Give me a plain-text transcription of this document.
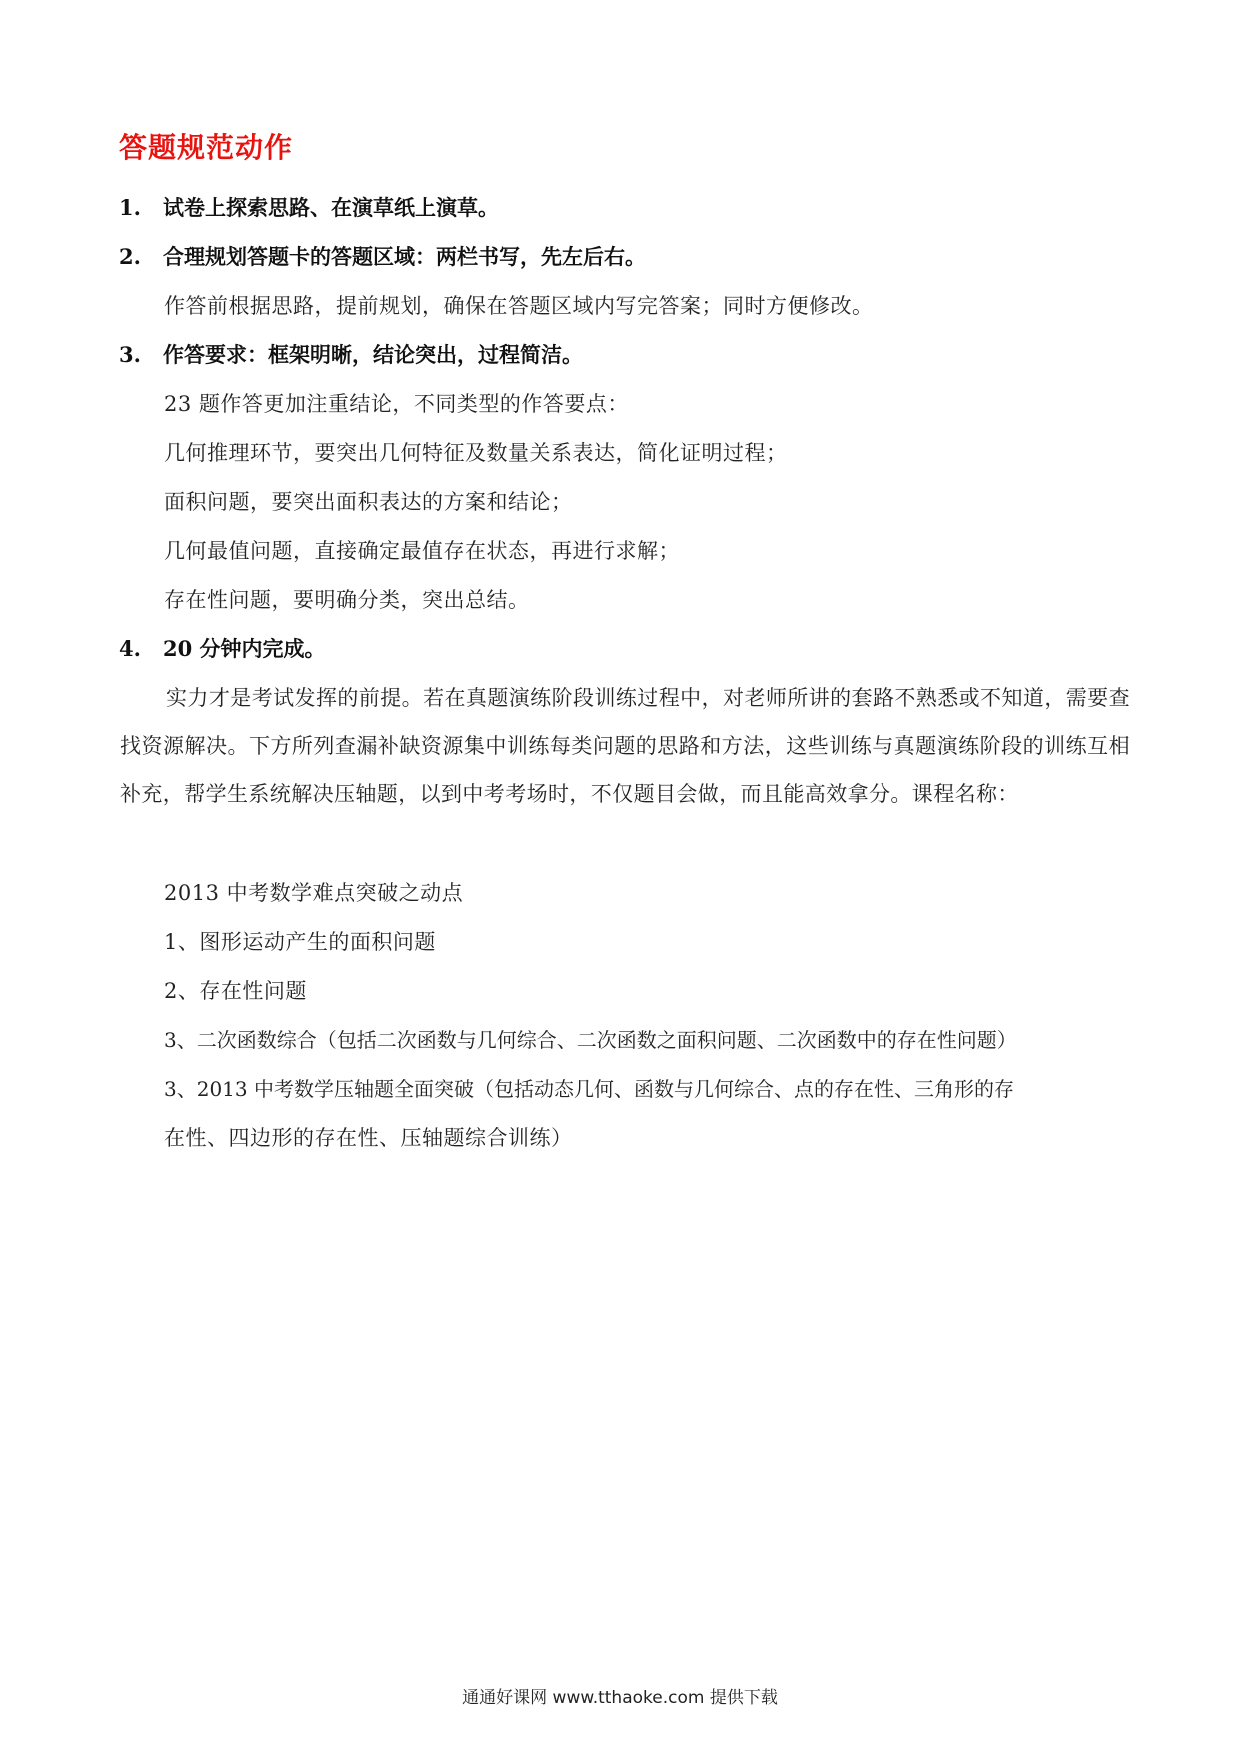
答题规范动作
1. 试卷上探索思路、在演草纸上演草。
2. 合理规划答题卡的答题区域：两栏书写，先左后右。
作答前根据思路，提前规划，确保在答题区域内写完答案；同时方便修改。
3. 作答要求：框架明晰，结论突出，过程简洁。
23 题作答更加注重结论，不同类型的作答要点：
几何推理环节，要突出几何特征及数量关系表达，简化证明过程；
面积问题，要突出面积表达的方案和结论；
几何最值问题，直接确定最值存在状态，再进行求解；
存在性问题，要明确分类，突出总结。
4. 20 分钟内完成。
实力才是考试发挥的前提。若在真题演练阶段训练过程中，对老师所讲的套路不熟悉或不知道，需要查找资源解决。下方所列查漏补缺资源集中训练每类问题的思路和方法，这些训练与真题演练阶段的训练互相补充，帮学生系统解决压轴题，以到中考考场时，不仅题目会做，而且能高效拿分。课程名称：
2013 中考数学难点突破之动点
1、图形运动产生的面积问题
2、存在性问题
3、二次函数综合（包括二次函数与几何综合、二次函数之面积问题、二次函数中的存在性问题）
3、2013 中考数学压轴题全面突破（包括动态几何、函数与几何综合、点的存在性、三角形的存
在性、四边形的存在性、压轴题综合训练）
通通好课网 www.tthaoke.com 提供下载
